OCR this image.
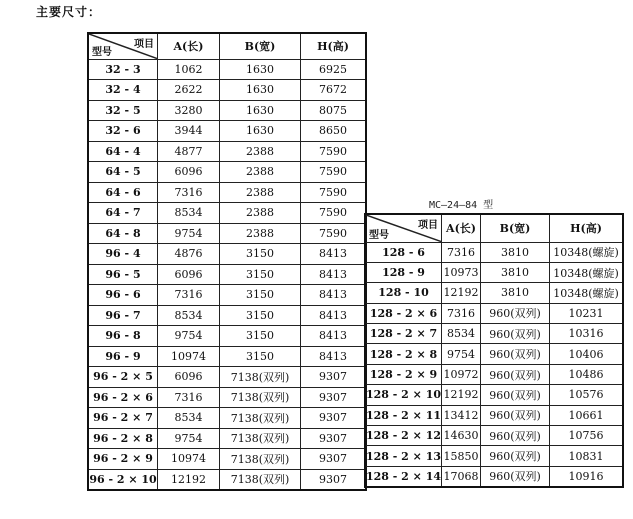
主要尺寸：
项目
型号	A(长)	B(宽)	H(高)
32 - 3	1062	1630	6925
32 - 4	2622	1630	7672
32 - 5	3280	1630	8075
32 - 6	3944	1630	8650
64 - 4	4877	2388	7590
64 - 5	6096	2388	7590
64 - 6	7316	2388	7590
64 - 7	8534	2388	7590
64 - 8	9754	2388	7590
96 - 4	4876	3150	8413
96 - 5	6096	3150	8413
96 - 6	7316	3150	8413
96 - 7	8534	3150	8413
96 - 8	9754	3150	8413
96 - 9	10974	3150	8413
96 - 2 × 5	6096	7138(双列)	9307
96 - 2 × 6	7316	7138(双列)	9307
96 - 2 × 7	8534	7138(双列)	9307
96 - 2 × 8	9754	7138(双列)	9307
96 - 2 × 9	10974	7138(双列)	9307
96 - 2 × 10	12192	7138(双列)	9307
MC—24—84 型
项目
型号	A(长)	B(宽)	H(高)
128 - 6	7316	3810	10348(螺旋)
128 - 9	10973	3810	10348(螺旋)
128 - 10	12192	3810	10348(螺旋)
128 - 2 × 6	7316	960(双列)	10231
128 - 2 × 7	8534	960(双列)	10316
128 - 2 × 8	9754	960(双列)	10406
128 - 2 × 9	10972	960(双列)	10486
128 - 2 × 10	12192	960(双列)	10576
128 - 2 × 11	13412	960(双列)	10661
128 - 2 × 12	14630	960(双列)	10756
128 - 2 × 13	15850	960(双列)	10831
128 - 2 × 14	17068	960(双列)	10916
